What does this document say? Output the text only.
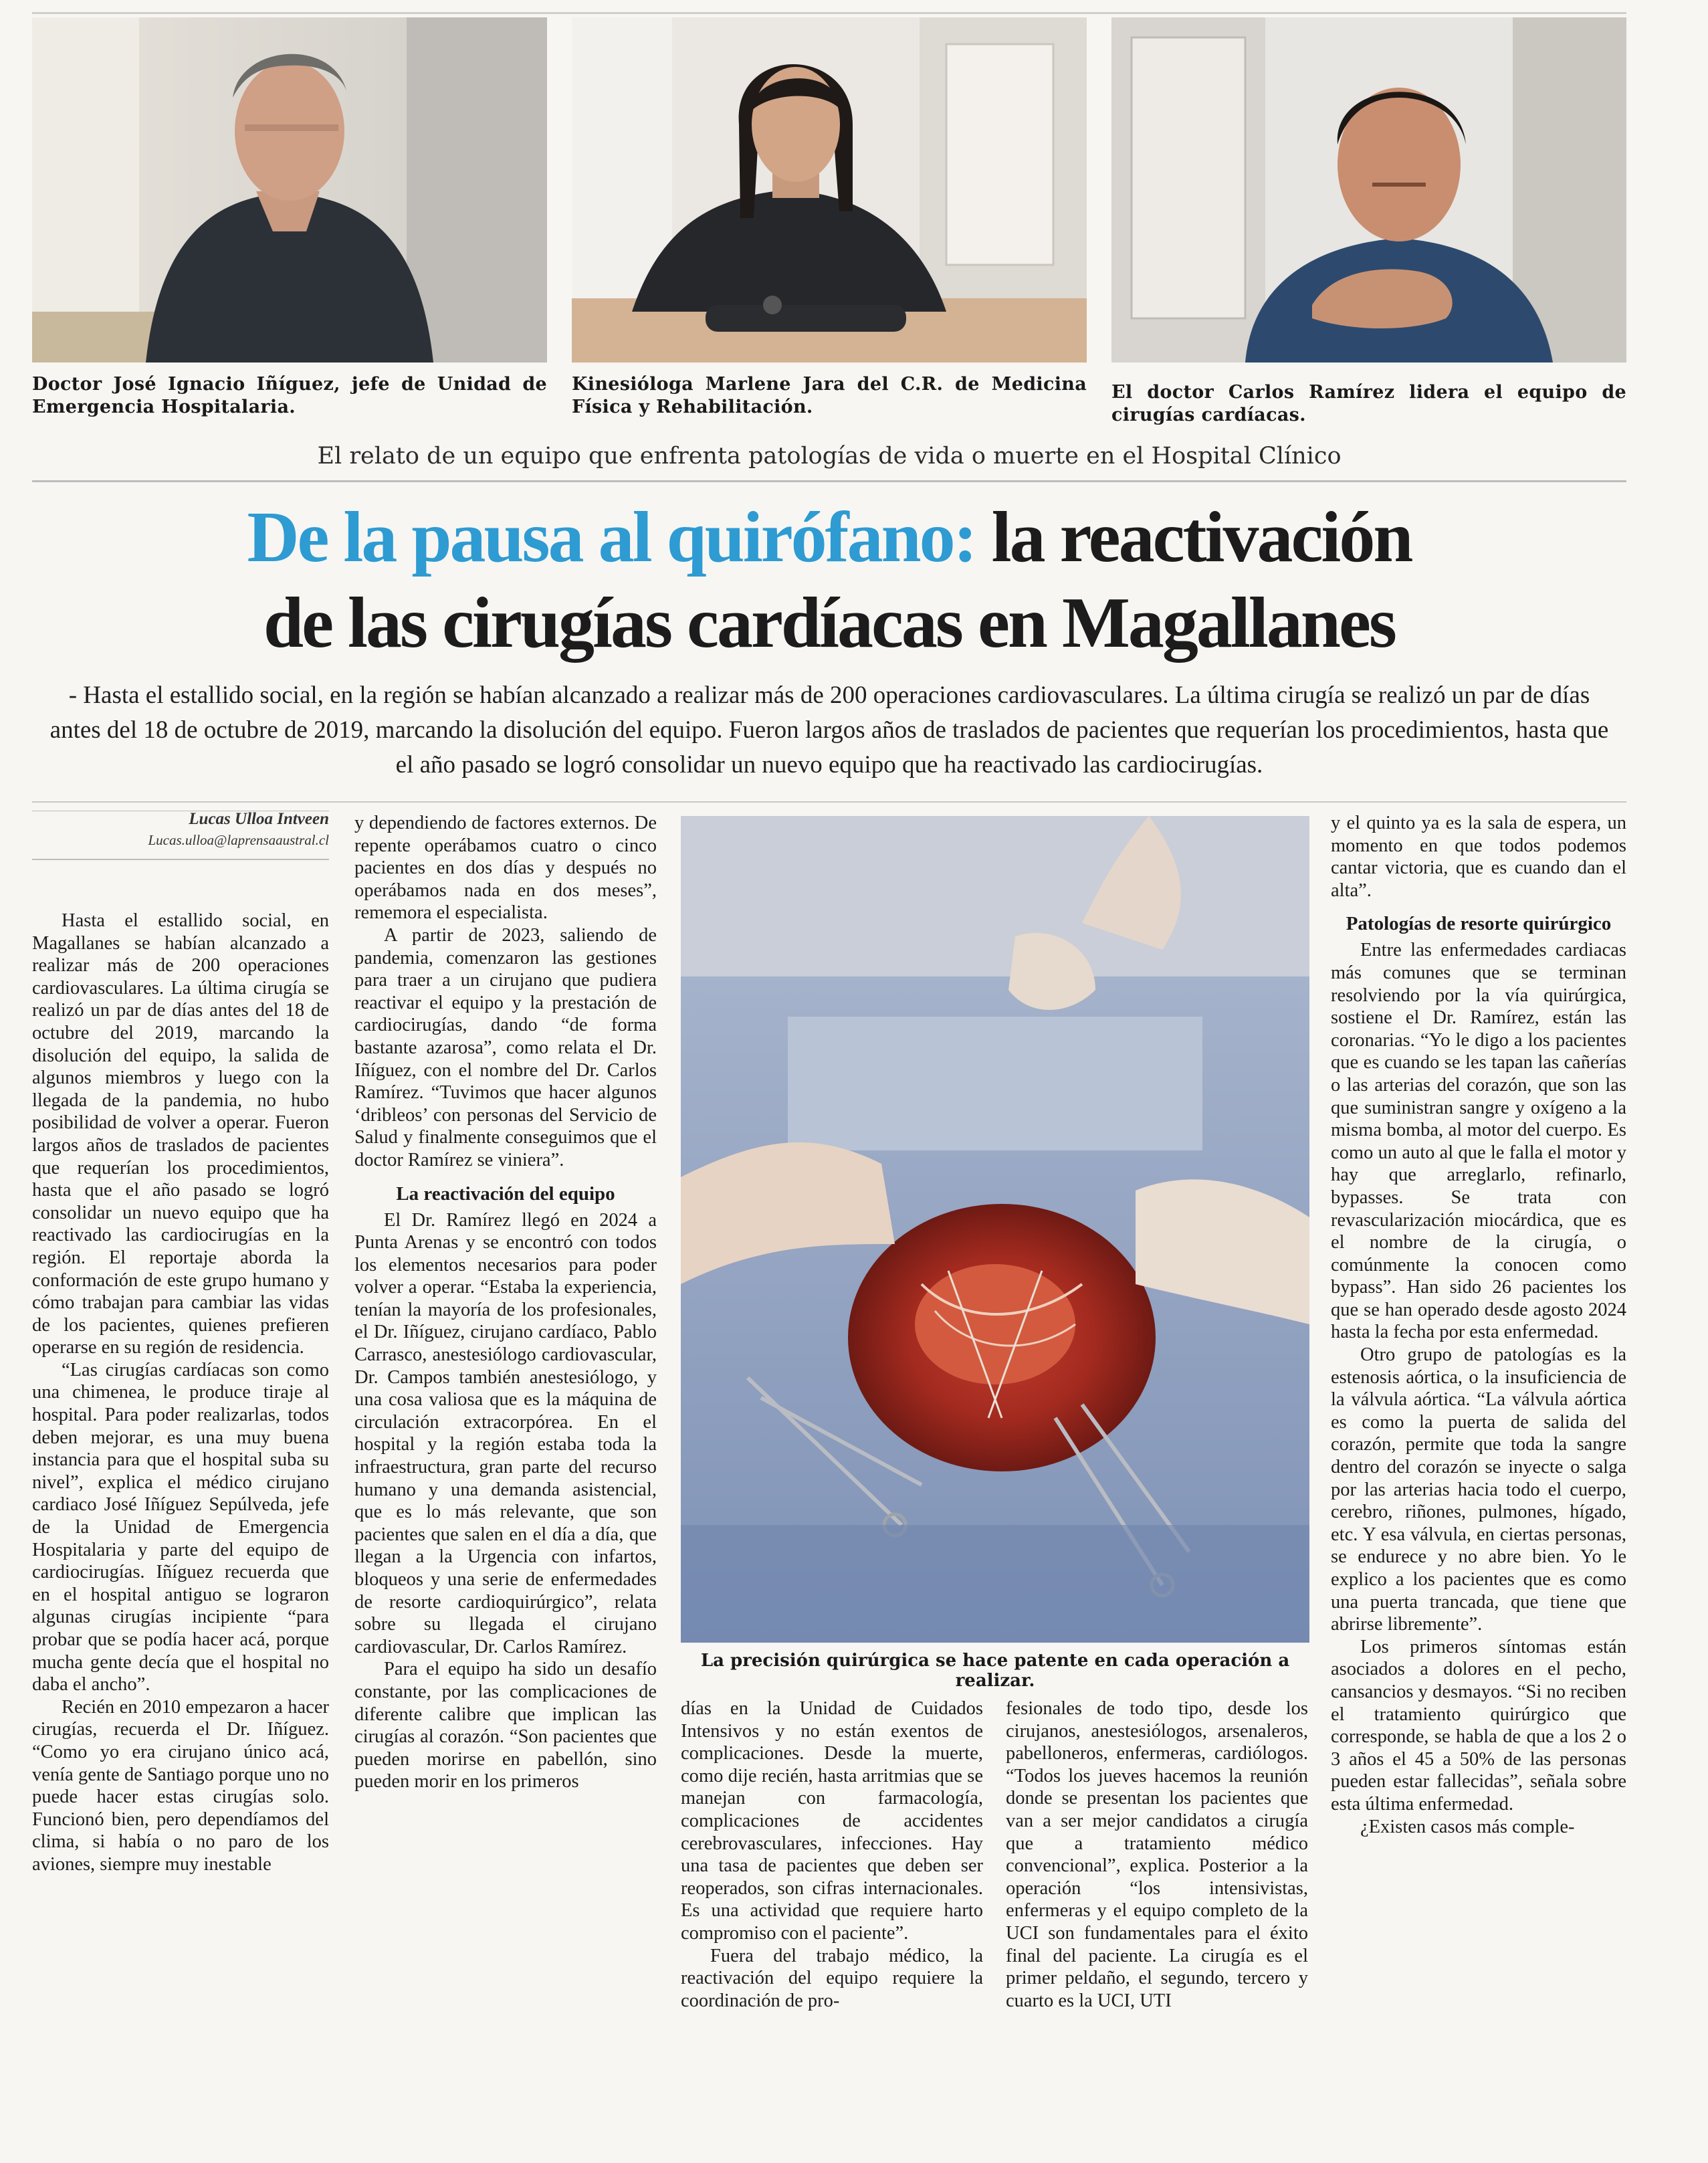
Doctor José Ignacio Iñíguez, jefe de Unidad de Emergencia Hospitalaria.
Kinesióloga Marlene Jara del C.R. de Medicina Física y Rehabilitación.
El doctor Carlos Ramírez lidera el equipo de cirugías cardíacas.
El relato de un equipo que enfrenta patologías de vida o muerte en el Hospital Clínico
De la pausa al quirófano: la reactivación
de las cirugías cardíacas en Magallanes
- Hasta el estallido social, en la región se habían alcanzado a realizar más de 200 operaciones cardiovasculares. La última cirugía se realizó un par de días antes del 18 de octubre de 2019, marcando la disolución del equipo. Fueron largos años de traslados de pacientes que requerían los procedimientos, hasta que el año pasado se logró consolidar un nuevo equipo que ha reactivado las cardiocirugías.
Lucas Ulloa Intveen
Lucas.ulloa@laprensaaustral.cl

Hasta el estallido social, en Magallanes se habían alcanzado a realizar más de 200 operaciones cardiovasculares. La última cirugía se realizó un par de días antes del 18 de octubre del 2019, marcando la disolución del equipo, la salida de algunos miembros y luego con la llegada de la pandemia, no hubo posibilidad de volver a operar. Fueron largos años de traslados de pacientes que requerían los procedimientos, hasta que el año pasado se logró consolidar un nuevo equipo que ha reactivado las cardiocirugías en la región. El reportaje aborda la conformación de este grupo humano y cómo trabajan para cambiar las vidas de los pacientes, quienes prefieren operarse en su región de residencia.

“Las cirugías cardíacas son como una chimenea, le produce tiraje al hospital. Para poder realizarlas, todos deben mejorar, es una muy buena instancia para que el hospital suba su nivel”, explica el médico cirujano cardiaco José Iñíguez Sepúlveda, jefe de la Unidad de Emergencia Hospitalaria y parte del equipo de cardiocirugías. Iñíguez recuerda que en el hospital antiguo se lograron algunas cirugías incipiente “para probar que se podía hacer acá, porque mucha gente decía que el hospital no daba el ancho”.

Recién en 2010 empezaron a hacer cirugías, recuerda el Dr. Iñíguez. “Como yo era cirujano único acá, venía gente de Santiago porque uno no puede hacer estas cirugías solo. Funcionó bien, pero dependíamos del clima, si había o no paro de los aviones, siempre muy inestable

y dependiendo de factores externos. De repente operábamos cuatro o cinco pacientes en dos días y después no operábamos nada en dos meses”, rememora el especialista.

A partir de 2023, saliendo de pandemia, comenzaron las gestiones para traer a un cirujano que pudiera reactivar el equipo y la prestación de cardiocirugías, dando “de forma bastante azarosa”, como relata el Dr. Iñíguez, con el nombre del Dr. Carlos Ramírez. “Tuvimos que hacer algunos ‘dribleos’ con personas del Servicio de Salud y finalmente conseguimos que el doctor Ramírez se viniera”.

La reactivación del equipo

El Dr. Ramírez llegó en 2024 a Punta Arenas y se encontró con todos los elementos necesarios para poder volver a operar. “Estaba la experiencia, tenían la mayoría de los profesionales, el Dr. Iñíguez, cirujano cardíaco, Pablo Carrasco, anestesiólogo cardiovascular, Dr. Campos también anestesiólogo, y una cosa valiosa que es la máquina de circulación extracorpórea. En el hospital y la región estaba toda la infraestructura, gran parte del recurso humano y una demanda asistencial, que es lo más relevante, que son pacientes que salen en el día a día, que llegan a la Urgencia con infartos, bloqueos y una serie de enfermedades de resorte cardioquirúrgico”, relata sobre su llegada el cirujano cardiovascular, Dr. Carlos Ramírez.

Para el equipo ha sido un desafío constante, por las complicaciones de diferente calibre que implican las cirugías al corazón. “Son pacientes que pueden morirse en pabellón, sino pueden morir en los primeros

La precisión quirúrgica se hace patente en cada operación a realizar.

días en la Unidad de Cuidados Intensivos y no están exentos de complicaciones. Desde la muerte, como dije recién, hasta arritmias que se manejan con farmacología, complicaciones de accidentes cerebrovasculares, infecciones. Hay una tasa de pacientes que deben ser reoperados, son cifras internacionales. Es una actividad que requiere harto compromiso con el paciente”.

Fuera del trabajo médico, la reactivación del equipo requiere la coordinación de pro-

fesionales de todo tipo, desde los cirujanos, anestesiólogos, arsenaleros, pabelloneros, enfermeras, cardiólogos. “Todos los jueves hacemos la reunión donde se presentan los pacientes que van a ser mejor candidatos a cirugía que a tratamiento médico convencional”, explica. Posterior a la operación “los intensivistas, enfermeras y el equipo completo de la UCI son fundamentales para el éxito final del paciente. La cirugía es el primer peldaño, el segundo, tercero y cuarto es la UCI, UTI

y el quinto ya es la sala de espera, un momento en que todos podemos cantar victoria, que es cuando dan el alta”.

Patologías de resorte quirúrgico

Entre las enfermedades cardiacas más comunes que se terminan resolviendo por la vía quirúrgica, sostiene el Dr. Ramírez, están las coronarias. “Yo le digo a los pacientes que es cuando se les tapan las cañerías o las arterias del corazón, que son las que suministran sangre y oxígeno a la misma bomba, al motor del cuerpo. Es como un auto al que le falla el motor y hay que arreglarlo, refinarlo, bypasses. Se trata con revascularización miocárdica, que es el nombre de la cirugía, o comúnmente la conocen como bypass”. Han sido 26 pacientes los que se han operado desde agosto 2024 hasta la fecha por esta enfermedad.

Otro grupo de patologías es la estenosis aórtica, o la insuficiencia de la válvula aórtica. “La válvula aórtica es como la puerta de salida del corazón, permite que toda la sangre dentro del corazón se inyecte o salga por las arterias hacia todo el cuerpo, cerebro, riñones, pulmones, hígado, etc. Y esa válvula, en ciertas personas, se endurece y no abre bien. Yo le explico a los pacientes que es como una puerta trancada, que tiene que abrirse libremente”.

Los primeros síntomas están asociados a dolores en el pecho, cansancios y desmayos. “Si no reciben el tratamiento quirúrgico que corresponde, se habla de que a los 2 o 3 años el 45 a 50% de las personas pueden estar fallecidas”, señala sobre esta última enfermedad.

¿Existen casos más comple-
